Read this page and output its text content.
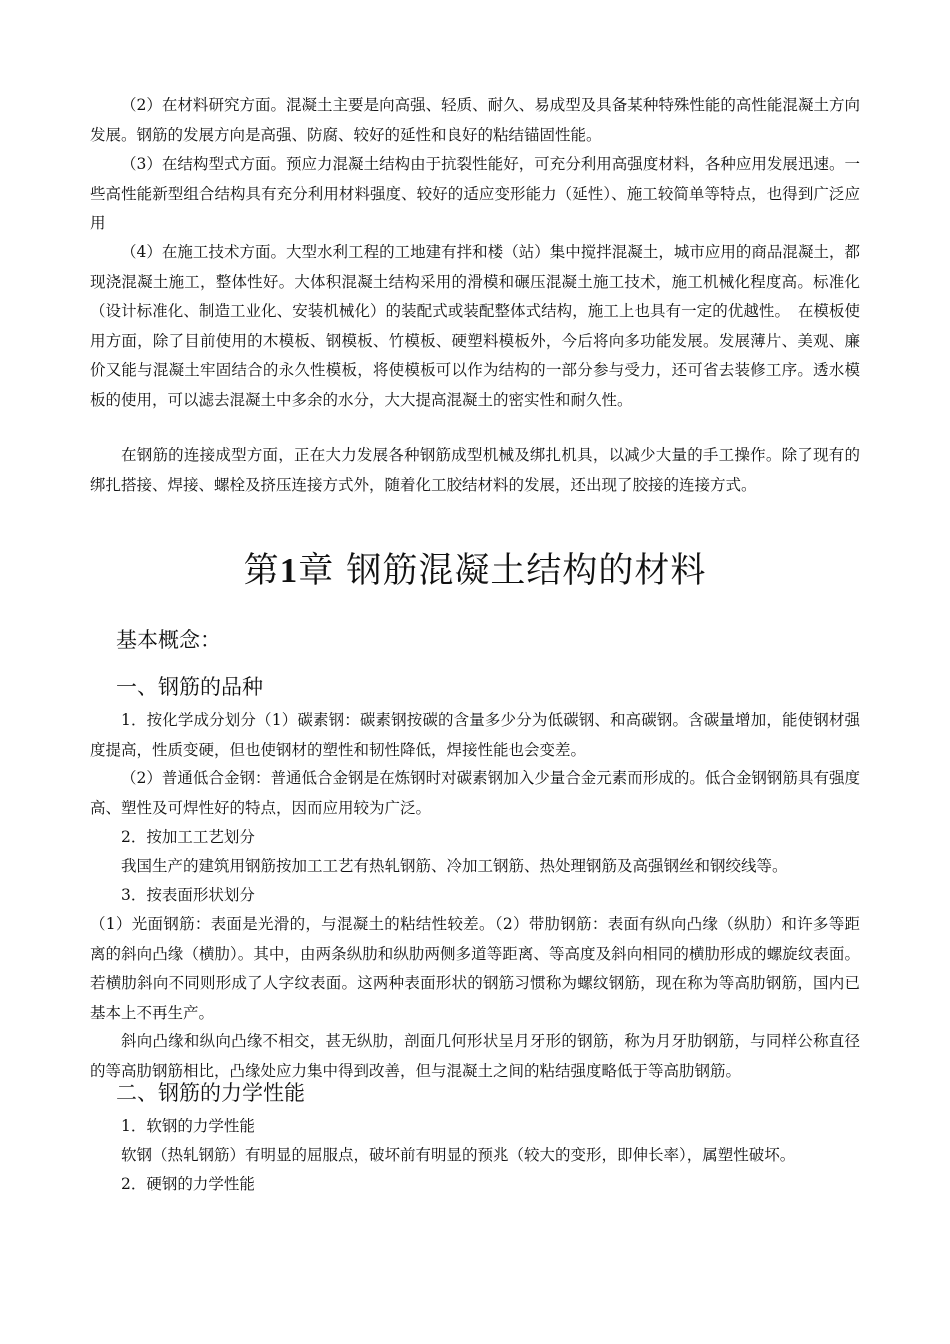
（2）在材料研究方面。混凝土主要是向高强、轻质、耐久、易成型及具备某种特殊性能的高性能混凝土方向发展。钢筋的发展方向是高强、防腐、较好的延性和良好的粘结锚固性能。

（3）在结构型式方面。预应力混凝土结构由于抗裂性能好，可充分利用高强度材料，各种应用发展迅速。一些高性能新型组合结构具有充分利用材料强度、较好的适应变形能力（延性）、施工较简单等特点，也得到广泛应用

（4）在施工技术方面。大型水利工程的工地建有拌和楼（站）集中搅拌混凝土，城市应用的商品混凝土，都现浇混凝土施工，整体性好。大体积混凝土结构采用的滑模和碾压混凝土施工技术，施工机械化程度高。标准化（设计标准化、制造工业化、安装机械化）的装配式或装配整体式结构，施工上也具有一定的优越性。　在模板使用方面，除了目前使用的木模板、钢模板、竹模板、硬塑料模板外，今后将向多功能发展。发展薄片、美观、廉价又能与混凝土牢固结合的永久性模板，将使模板可以作为结构的一部分参与受力，还可省去装修工序。透水模板的使用，可以滤去混凝土中多余的水分，大大提高混凝土的密实性和耐久性。

在钢筋的连接成型方面，正在大力发展各种钢筋成型机械及绑扎机具，以减少大量的手工操作。除了现有的绑扎搭接、焊接、螺栓及挤压连接方式外，随着化工胶结材料的发展，还出现了胶接的连接方式。

第1章 钢筋混凝土结构的材料
基本概念：
一、钢筋的品种

1．按化学成分划分（1）碳素钢：碳素钢按碳的含量多少分为低碳钢、和高碳钢。含碳量增加，能使钢材强度提高，性质变硬，但也使钢材的塑性和韧性降低，焊接性能也会变差。

（2）普通低合金钢：普通低合金钢是在炼钢时对碳素钢加入少量合金元素而形成的。低合金钢钢筋具有强度高、塑性及可焊性好的特点，因而应用较为广泛。

2．按加工工艺划分

我国生产的建筑用钢筋按加工工艺有热轧钢筋、冷加工钢筋、热处理钢筋及高强钢丝和钢绞线等。

3．按表面形状划分

（1）光面钢筋：表面是光滑的，与混凝土的粘结性较差。（2）带肋钢筋：表面有纵向凸缘（纵肋）和许多等距离的斜向凸缘（横肋）。其中，由两条纵肋和纵肋两侧多道等距离、等高度及斜向相同的横肋形成的螺旋纹表面。若横肋斜向不同则形成了人字纹表面。这两种表面形状的钢筋习惯称为螺纹钢筋，现在称为等高肋钢筋，国内已基本上不再生产。

斜向凸缘和纵向凸缘不相交，甚无纵肋，剖面几何形状呈月牙形的钢筋，称为月牙肋钢筋，与同样公称直径的等高肋钢筋相比，凸缘处应力集中得到改善，但与混凝土之间的粘结强度略低于等高肋钢筋。

二、钢筋的力学性能

1．软钢的力学性能

软钢（热轧钢筋）有明显的屈服点，破坏前有明显的预兆（较大的变形，即伸长率），属塑性破坏。

2．硬钢的力学性能
